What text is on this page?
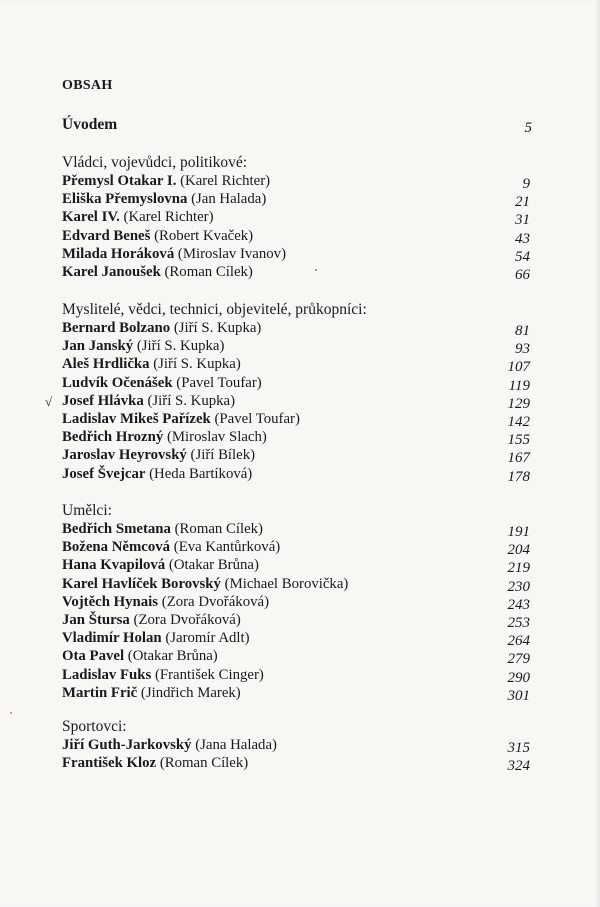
OBSAH
Úvodem	5
Vládci, vojevůdci, politikové:
Přemysl Otakar I. (Karel Richter)	9
Eliška Přemyslovna (Jan Halada)	21
Karel IV. (Karel Richter)	31
Edvard Beneš (Robert Kvaček)	43
Milada Horáková (Miroslav Ivanov)	54
Karel Janoušek (Roman Cílek)	66
Myslitelé, vědci, technici, objevitelé, průkopníci:
Bernard Bolzano (Jiří S. Kupka)	81
Jan Janský (Jiří S. Kupka)	93
Aleš Hrdlička (Jiří S. Kupka)	107
Ludvík Očenášek (Pavel Toufar)	119
Josef Hlávka (Jiří S. Kupka)	129
Ladislav Mikeš Pařízek (Pavel Toufar)	142
Bedřich Hrozný (Miroslav Slach)	155
Jaroslav Heyrovský (Jiří Bílek)	167
Josef Švejcar (Heda Bartíková)	178
Umělci:
Bedřich Smetana (Roman Cílek)	191
Božena Němcová (Eva Kantůrková)	204
Hana Kvapilová (Otakar Brůna)	219
Karel Havlíček Borovský (Michael Borovička)	230
Vojtěch Hynais (Zora Dvořáková)	243
Jan Štursa (Zora Dvořáková)	253
Vladimír Holan (Jaromír Adlt)	264
Ota Pavel (Otakar Brůna)	279
Ladislav Fuks (František Cinger)	290
Martin Frič (Jindřich Marek)	301
Sportovci:
Jiří Guth-Jarkovský (Jana Halada)	315
František Kloz (Roman Cílek)	324
√
